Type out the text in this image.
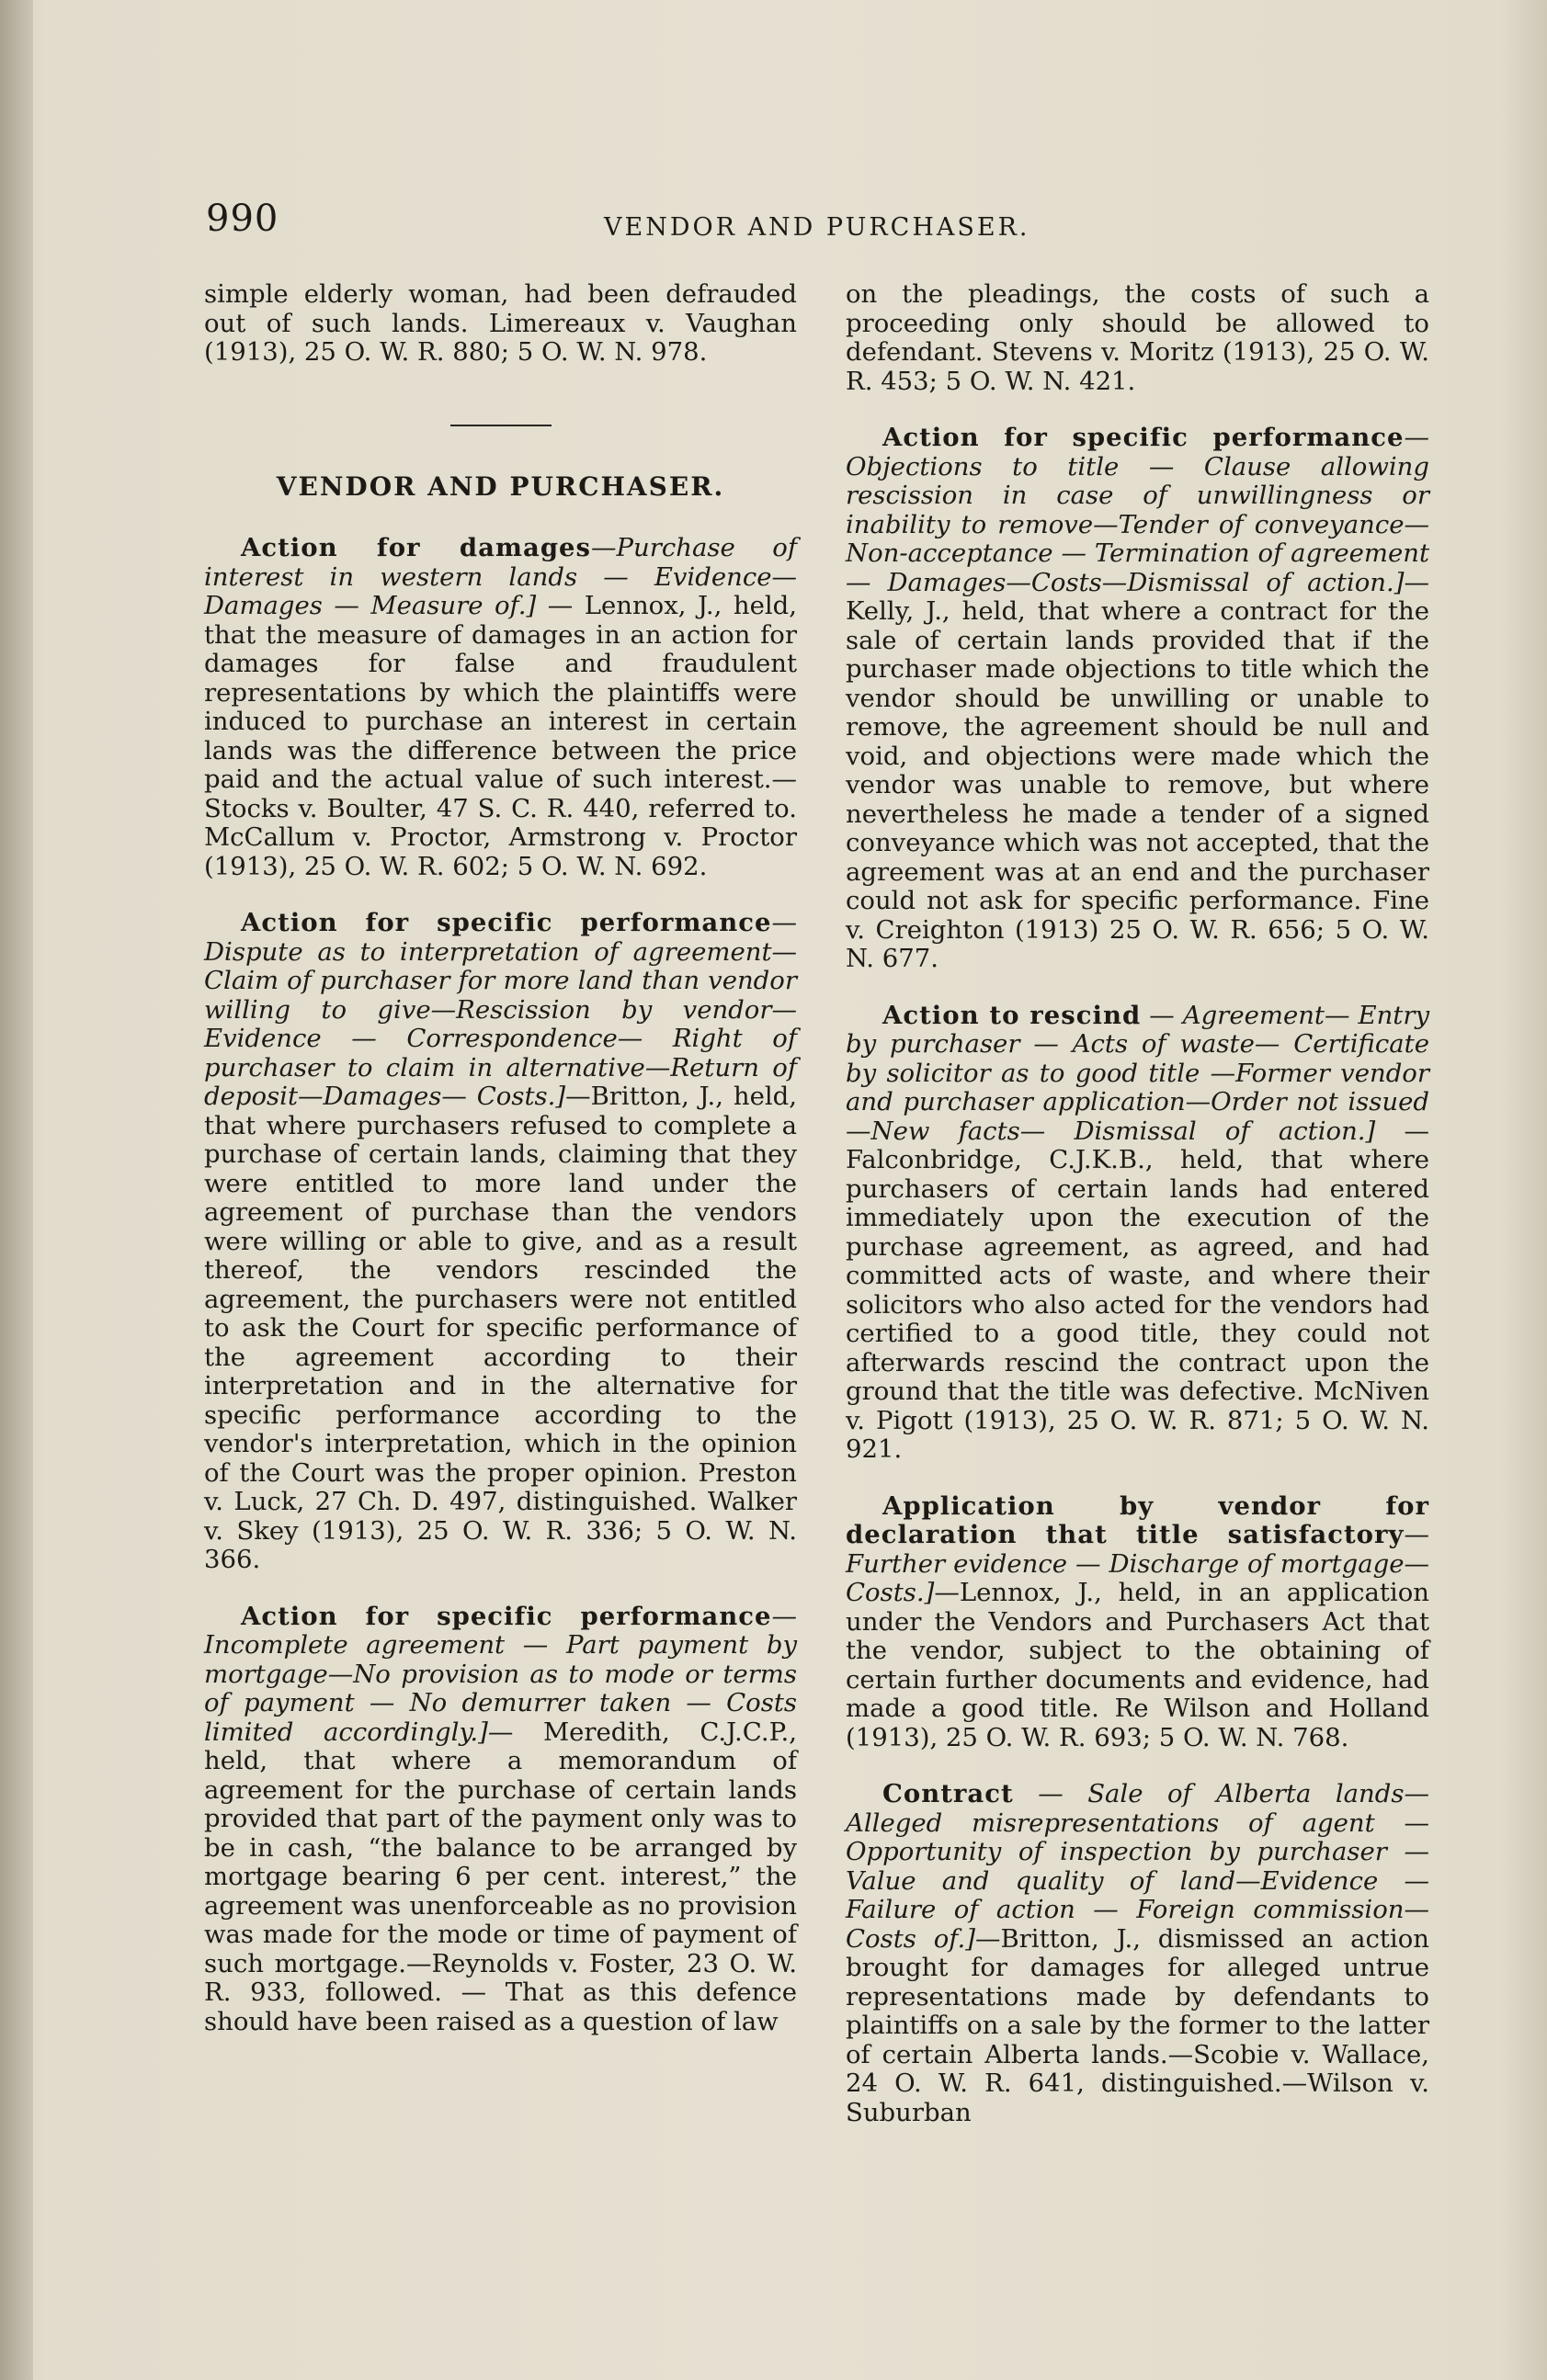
990	VENDOR AND PURCHASER.

simple elderly woman, had been defrauded out of such lands. Limereaux v. Vaughan (1913), 25 O. W. R. 880; 5 O. W. N. 978.

VENDOR AND PURCHASER.

Action for damages—Purchase of interest in western lands — Evidence— Damages — Measure of.] — Lennox, J., held, that the measure of damages in an action for damages for false and fraudulent representations by which the plaintiffs were induced to purchase an interest in certain lands was the difference between the price paid and the actual value of such interest.—Stocks v. Boulter, 47 S. C. R. 440, referred to. McCallum v. Proctor, Armstrong v. Proctor (1913), 25 O. W. R. 602; 5 O. W. N. 692.

Action for specific performance— Dispute as to interpretation of agreement—Claim of purchaser for more land than vendor willing to give—Rescission by vendor—Evidence — Correspondence— Right of purchaser to claim in alternative—Return of deposit—Damages— Costs.]—Britton, J., held, that where purchasers refused to complete a purchase of certain lands, claiming that they were entitled to more land under the agreement of purchase than the vendors were willing or able to give, and as a result thereof, the vendors rescinded the agreement, the purchasers were not entitled to ask the Court for specific performance of the agreement according to their interpretation and in the alternative for specific performance according to the vendor's interpretation, which in the opinion of the Court was the proper opinion. Preston v. Luck, 27 Ch. D. 497, distinguished. Walker v. Skey (1913), 25 O. W. R. 336; 5 O. W. N. 366.

Action for specific performance— Incomplete agreement — Part payment by mortgage—No provision as to mode or terms of payment — No demurrer taken — Costs limited accordingly.]— Meredith, C.J.C.P., held, that where a memorandum of agreement for the purchase of certain lands provided that part of the payment only was to be in cash, “the balance to be arranged by mortgage bearing 6 per cent. interest,” the agreement was unenforceable as no provision was made for the mode or time of payment of such mortgage.—Reynolds v. Foster, 23 O. W. R. 933, followed. — That as this defence should have been raised as a question of law

on the pleadings, the costs of such a proceeding only should be allowed to defendant. Stevens v. Moritz (1913), 25 O. W. R. 453; 5 O. W. N. 421.

Action for specific performance— Objections to title — Clause allowing rescission in case of unwillingness or inability to remove—Tender of conveyance—Non-acceptance — Termination of agreement — Damages—Costs—Dismissal of action.]—Kelly, J., held, that where a contract for the sale of certain lands provided that if the purchaser made objections to title which the vendor should be unwilling or unable to remove, the agreement should be null and void, and objections were made which the vendor was unable to remove, but where nevertheless he made a tender of a signed conveyance which was not accepted, that the agreement was at an end and the purchaser could not ask for specific performance. Fine v. Creighton (1913) 25 O. W. R. 656; 5 O. W. N. 677.

Action to rescind — Agreement— Entry by purchaser — Acts of waste— Certificate by solicitor as to good title —Former vendor and purchaser application—Order not issued—New facts— Dismissal of action.] — Falconbridge, C.J.K.B., held, that where purchasers of certain lands had entered immediately upon the execution of the purchase agreement, as agreed, and had committed acts of waste, and where their solicitors who also acted for the vendors had certified to a good title, they could not afterwards rescind the contract upon the ground that the title was defective. McNiven v. Pigott (1913), 25 O. W. R. 871; 5 O. W. N. 921.

Application by vendor for declaration that title satisfactory— Further evidence — Discharge of mortgage—Costs.]—Lennox, J., held, in an application under the Vendors and Purchasers Act that the vendor, subject to the obtaining of certain further documents and evidence, had made a good title. Re Wilson and Holland (1913), 25 O. W. R. 693; 5 O. W. N. 768.

Contract — Sale of Alberta lands— Alleged misrepresentations of agent — Opportunity of inspection by purchaser —Value and quality of land—Evidence —Failure of action — Foreign commission—Costs of.]—Britton, J., dismissed an action brought for damages for alleged untrue representations made by defendants to plaintiffs on a sale by the former to the latter of certain Alberta lands.—Scobie v. Wallace, 24 O. W. R. 641, distinguished.—Wilson v. Suburban
